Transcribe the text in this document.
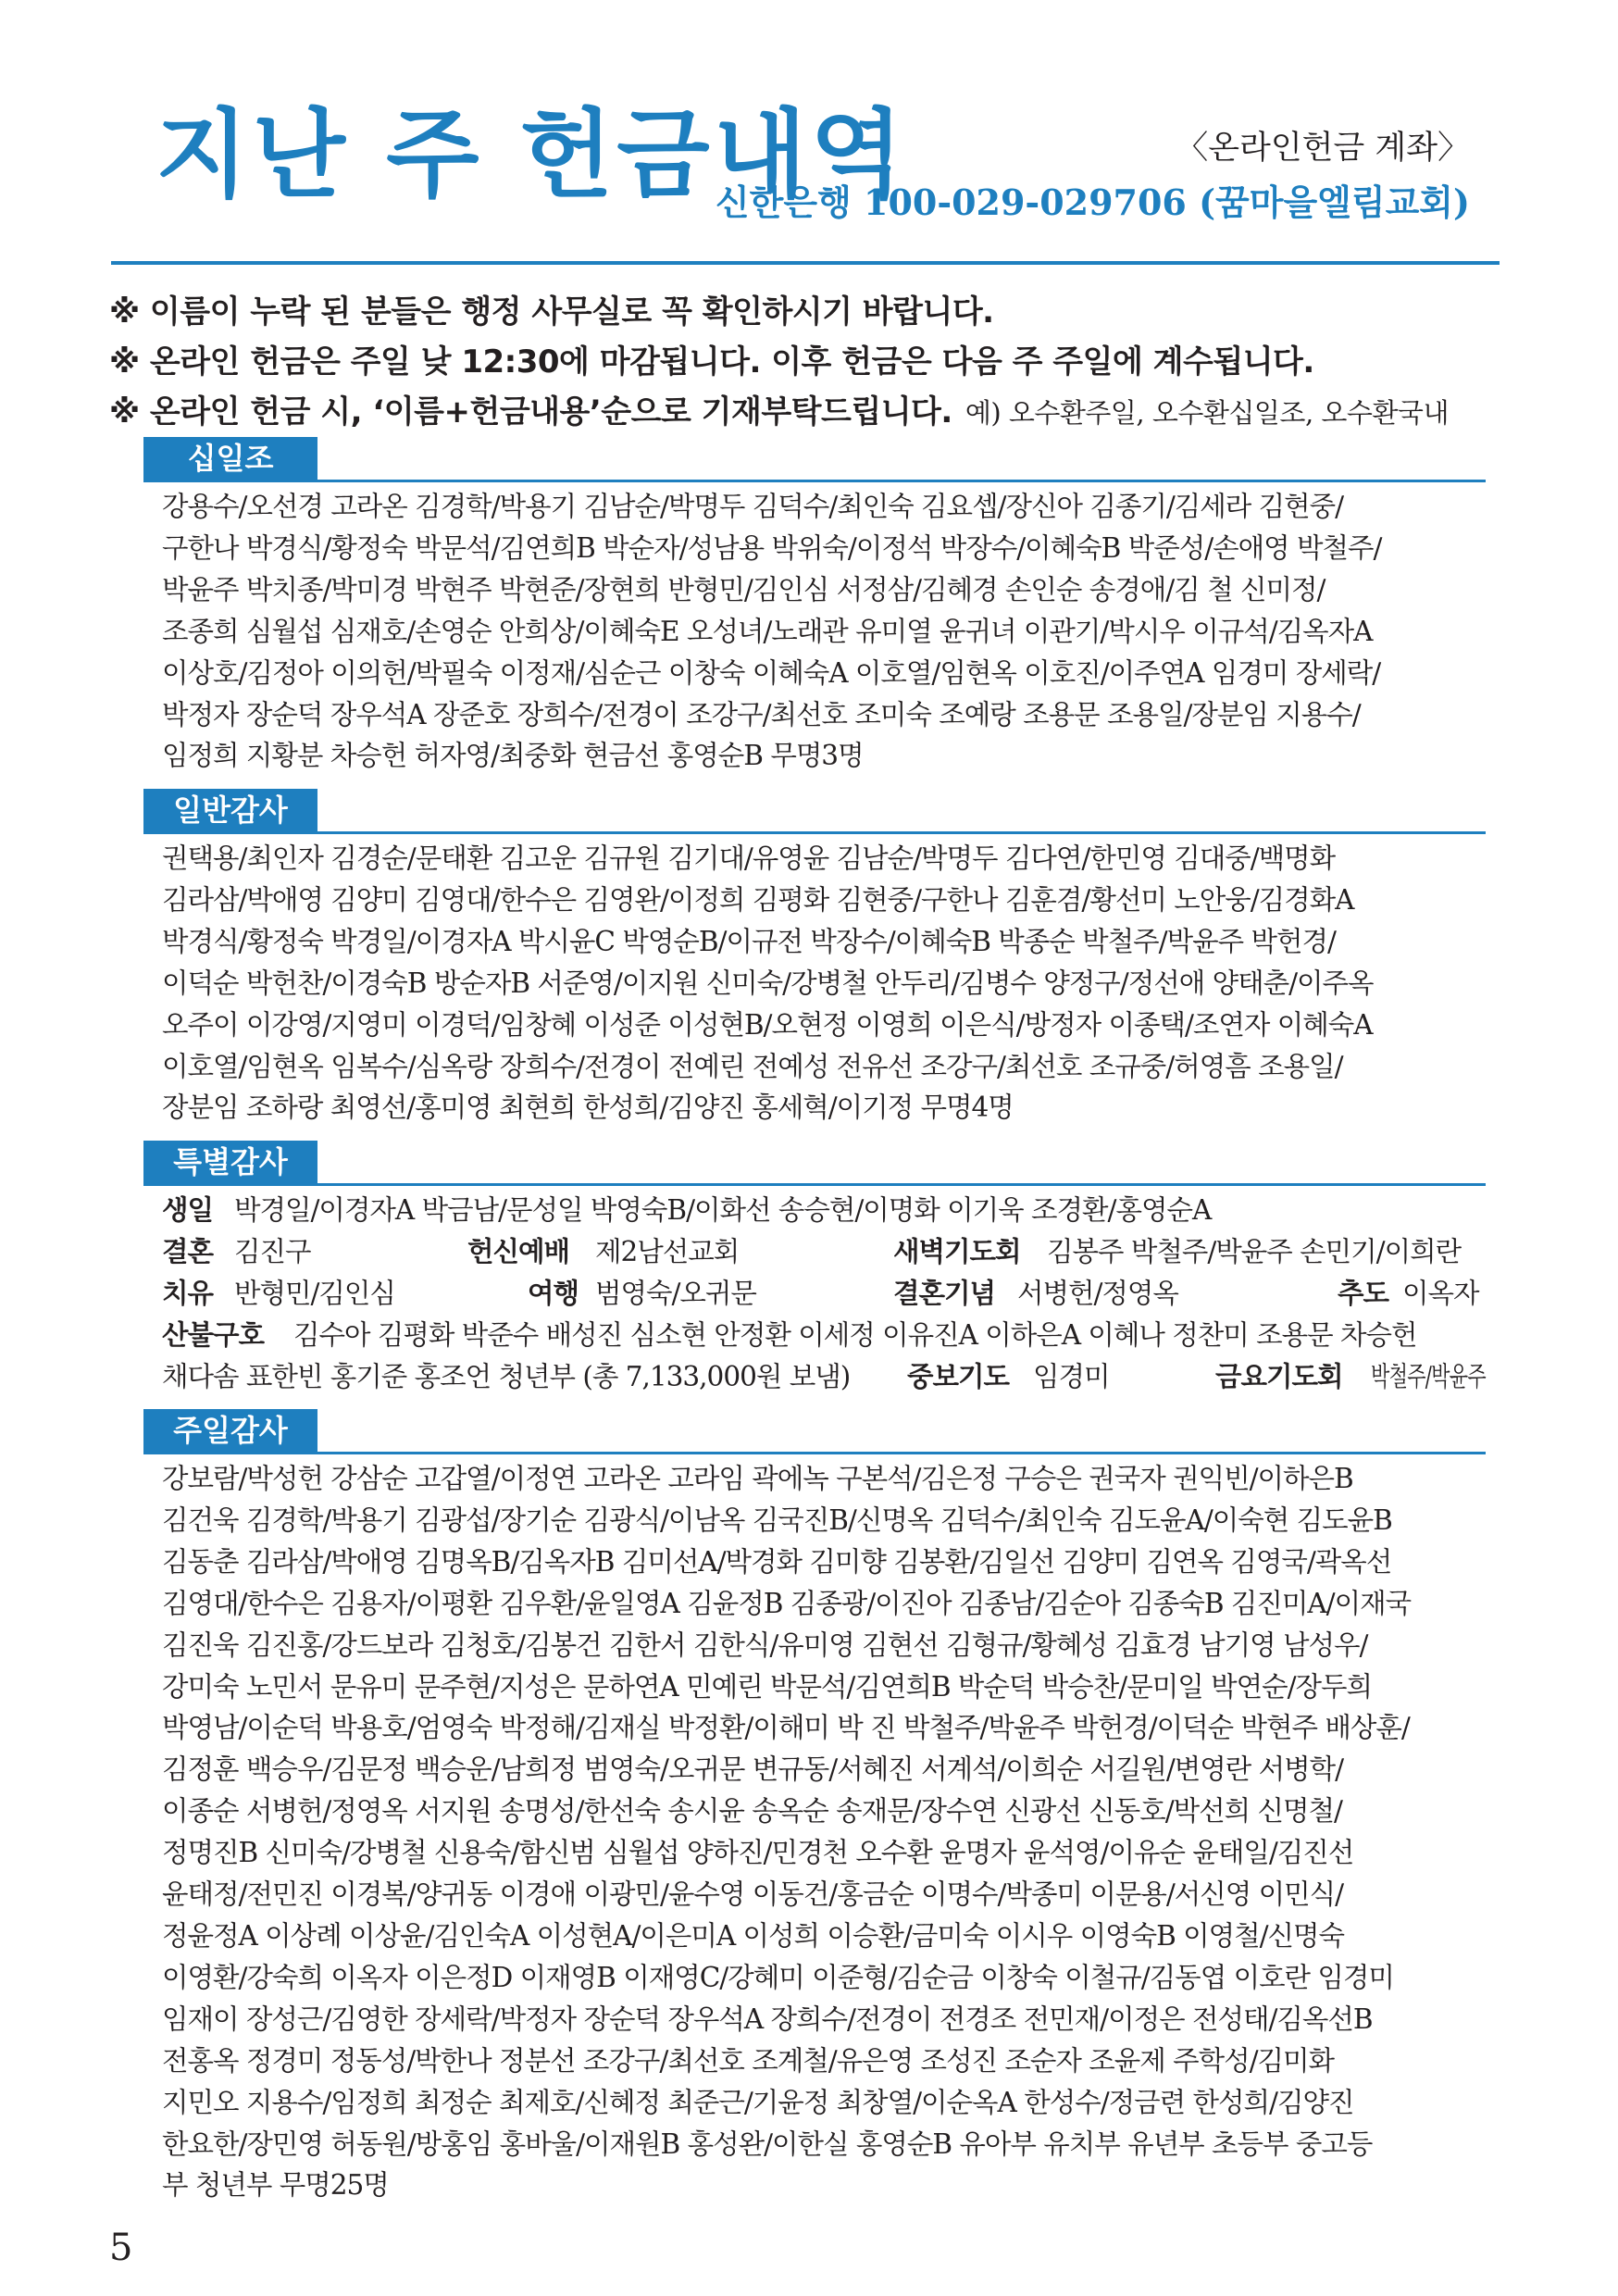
지난 주 헌금내역	〈온라인헌금 계좌〉
신한은행 100-029-029706 (꿈마을엘림교회)
※ 이름이 누락 된 분들은 행정 사무실로 꼭 확인하시기 바랍니다.
※ 온라인 헌금은 주일 낮 12:30에 마감됩니다. 이후 헌금은 다음 주 주일에 계수됩니다.
※ 온라인 헌금 시, ‘이름+헌금내용’순으로 기재부탁드립니다. 예) 오수환주일, 오수환십일조, 오수환국내
십일조
강용수/오선경 고라온 김경학/박용기 김남순/박명두 김덕수/최인숙 김요셉/장신아 김종기/김세라 김현중/
구한나 박경식/황정숙 박문석/김연희B 박순자/성남용 박위숙/이정석 박장수/이혜숙B 박준성/손애영 박철주/
박윤주 박치종/박미경 박현주 박현준/장현희 반형민/김인심 서정삼/김혜경 손인순 송경애/김 철 신미정/
조종희 심월섭 심재호/손영순 안희상/이혜숙E 오성녀/노래관 유미열 윤귀녀 이관기/박시우 이규석/김옥자A
이상호/김정아 이의헌/박필숙 이정재/심순근 이창숙 이혜숙A 이호열/임현옥 이호진/이주연A 임경미 장세락/
박정자 장순덕 장우석A 장준호 장희수/전경이 조강구/최선호 조미숙 조예랑 조용문 조용일/장분임 지용수/
임정희 지황분 차승헌 허자영/최중화 현금선 홍영순B 무명3명
일반감사
권택용/최인자 김경순/문태환 김고운 김규원 김기대/유영윤 김남순/박명두 김다연/한민영 김대중/백명화
김라삼/박애영 김양미 김영대/한수은 김영완/이정희 김평화 김현중/구한나 김훈겸/황선미 노안웅/김경화A
박경식/황정숙 박경일/이경자A 박시윤C 박영순B/이규전 박장수/이혜숙B 박종순 박철주/박윤주 박헌경/
이덕순 박헌찬/이경숙B 방순자B 서준영/이지원 신미숙/강병철 안두리/김병수 양정구/정선애 양태춘/이주옥
오주이 이강영/지영미 이경덕/임창혜 이성준 이성현B/오현정 이영희 이은식/방정자 이종택/조연자 이혜숙A
이호열/임현옥 임복수/심옥랑 장희수/전경이 전예린 전예성 전유선 조강구/최선호 조규중/허영흠 조용일/
장분임 조하랑 최영선/홍미영 최현희 한성희/김양진 홍세혁/이기정 무명4명
특별감사
생일 박경일/이경자A 박금남/문성일 박영숙B/이화선 송승현/이명화 이기욱 조경환/홍영순A
결혼 김진구	헌신예배 제2남선교회	새벽기도회 김봉주 박철주/박윤주 손민기/이희란
치유 반형민/김인심	여행 범영숙/오귀문	결혼기념 서병헌/정영옥	추도 이옥자
산불구호 김수아 김평화 박준수 배성진 심소현 안정환 이세정 이유진A 이하은A 이혜나 정찬미 조용문 차승헌
채다솜 표한빈 홍기준 홍조언 청년부 (총 7,133,000원 보냄) 중보기도 임경미	금요기도회 박철주/박윤주
주일감사
강보람/박성헌 강삼순 고갑열/이정연 고라온 고라임 곽에녹 구본석/김은정 구승은 권국자 권익빈/이하은B
김건욱 김경학/박용기 김광섭/장기순 김광식/이남옥 김국진B/신명옥 김덕수/최인숙 김도윤A/이숙현 김도윤B
김동춘 김라삼/박애영 김명옥B/김옥자B 김미선A/박경화 김미향 김봉환/김일선 김양미 김연옥 김영국/곽옥선
김영대/한수은 김용자/이평환 김우환/윤일영A 김윤정B 김종광/이진아 김종남/김순아 김종숙B 김진미A/이재국
김진욱 김진홍/강드보라 김청호/김봉건 김한서 김한식/유미영 김현선 김형규/황혜성 김효경 남기영 남성우/
강미숙 노민서 문유미 문주현/지성은 문하연A 민예린 박문석/김연희B 박순덕 박승찬/문미일 박연순/장두희
박영남/이순덕 박용호/엄영숙 박정해/김재실 박정환/이해미 박 진 박철주/박윤주 박헌경/이덕순 박현주 배상훈/
김정훈 백승우/김문정 백승운/남희정 범영숙/오귀문 변규동/서혜진 서계석/이희순 서길원/변영란 서병학/
이종순 서병헌/정영옥 서지원 송명성/한선숙 송시윤 송옥순 송재문/장수연 신광선 신동호/박선희 신명철/
정명진B 신미숙/강병철 신용숙/함신범 심월섭 양하진/민경천 오수환 윤명자 윤석영/이유순 윤태일/김진선
윤태정/전민진 이경복/양귀동 이경애 이광민/윤수영 이동건/홍금순 이명수/박종미 이문용/서신영 이민식/
정윤정A 이상례 이상윤/김인숙A 이성현A/이은미A 이성희 이승환/금미숙 이시우 이영숙B 이영철/신명숙
이영환/강숙희 이옥자 이은정D 이재영B 이재영C/강혜미 이준형/김순금 이창숙 이철규/김동엽 이호란 임경미
임재이 장성근/김영한 장세락/박정자 장순덕 장우석A 장희수/전경이 전경조 전민재/이정은 전성태/김옥선B
전홍옥 정경미 정동성/박한나 정분선 조강구/최선호 조계철/유은영 조성진 조순자 조윤제 주학성/김미화
지민오 지용수/임정희 최정순 최제호/신혜정 최준근/기윤정 최창열/이순옥A 한성수/정금련 한성희/김양진
한요한/장민영 허동원/방홍임 홍바울/이재원B 홍성완/이한실 홍영순B 유아부 유치부 유년부 초등부 중고등
부 청년부 무명25명
5
